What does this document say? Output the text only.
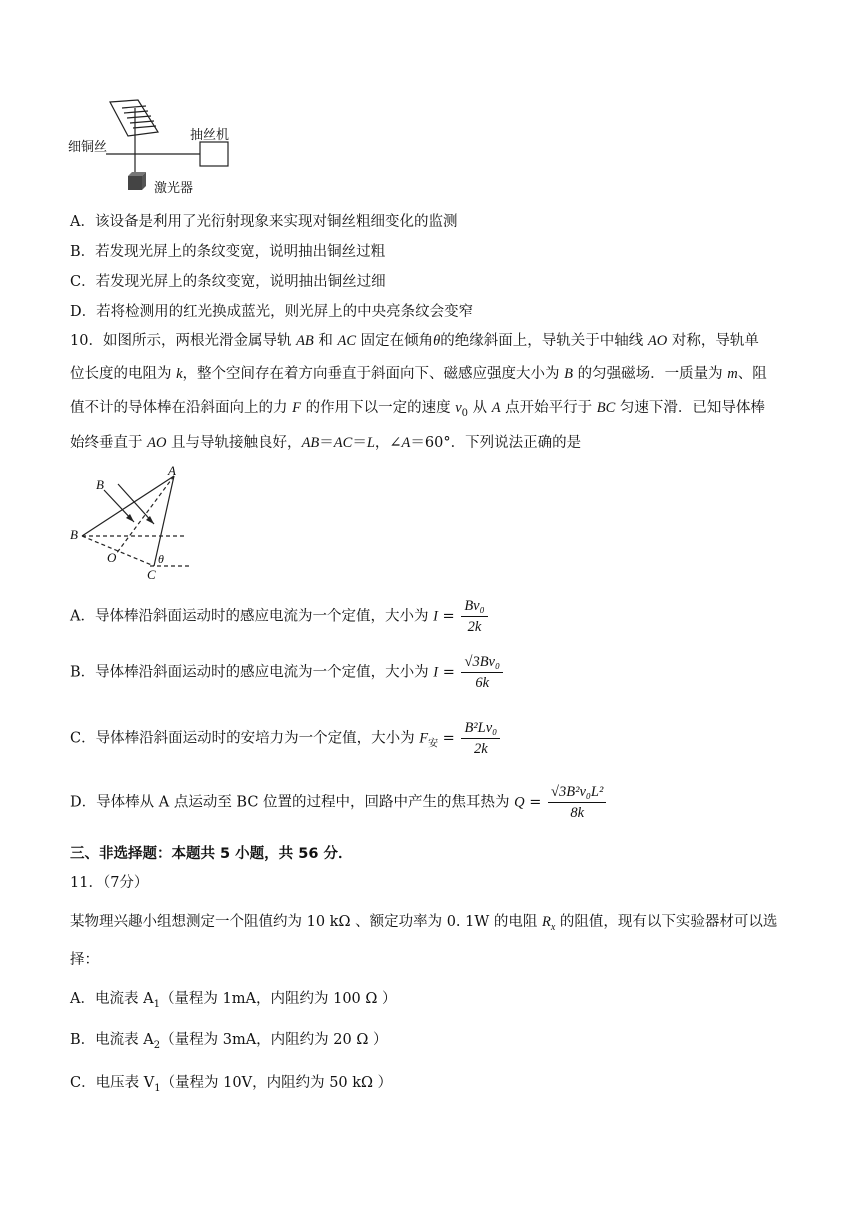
细铜丝
抽丝机
激光器
A．该设备是利用了光衍射现象来实现对铜丝粗细变化的监测
B．若发现光屏上的条纹变宽，说明抽出铜丝过粗
C．若发现光屏上的条纹变宽，说明抽出铜丝过细
D．若将检测用的红光换成蓝光，则光屏上的中央亮条纹会变窄
10．如图所示，两根光滑金属导轨 AB 和 AC 固定在倾角θ的绝缘斜面上，导轨关于中轴线 AO 对称，导轨单
位长度的电阻为 k，整个空间存在着方向垂直于斜面向下、磁感应强度大小为 B 的匀强磁场．一质量为 m、阻
值不计的导体棒在沿斜面向上的力 F 的作用下以一定的速度 $v_0$ 从 A 点开始平行于 BC 匀速下滑．已知导体棒
始终垂直于 AO 且与导轨接触良好，AB＝AC＝L，∠A＝60°．下列说法正确的是
A
B
B
O	θ
C
A．导体棒沿斜面运动时的感应电流为一个定值，大小为 $I = \frac{\text{Bv₀}}{2k}$
B．导体棒沿斜面运动时的感应电流为一个定值，大小为 $I = \frac{\text{√3Bv₀}}{6k}$
C．导体棒沿斜面运动时的安培力为一个定值，大小为 $F_安 = \frac{\text{B²Lv₀}}{2k}$
D．导体棒从 A 点运动至 BC 位置的过程中，回路中产生的焦耳热为 $Q = \frac{\text{√3B²v₀L²}}{8k}$
三、非选择题：本题共 5 小题，共 56 分．
11．（7分）
某物理兴趣小组想测定一个阻值约为 10 kΩ 、额定功率为 0. 1W 的电阻 $R_x$ 的阻值，现有以下实验器材可以选
择：
A．电流表 $A_1$（量程为 1mA，内阻约为 100 Ω ）
B．电流表 $A_2$（量程为 3mA，内阻约为 20 Ω ）
C．电压表 $V_1$（量程为 10V，内阻约为 50 kΩ ）
